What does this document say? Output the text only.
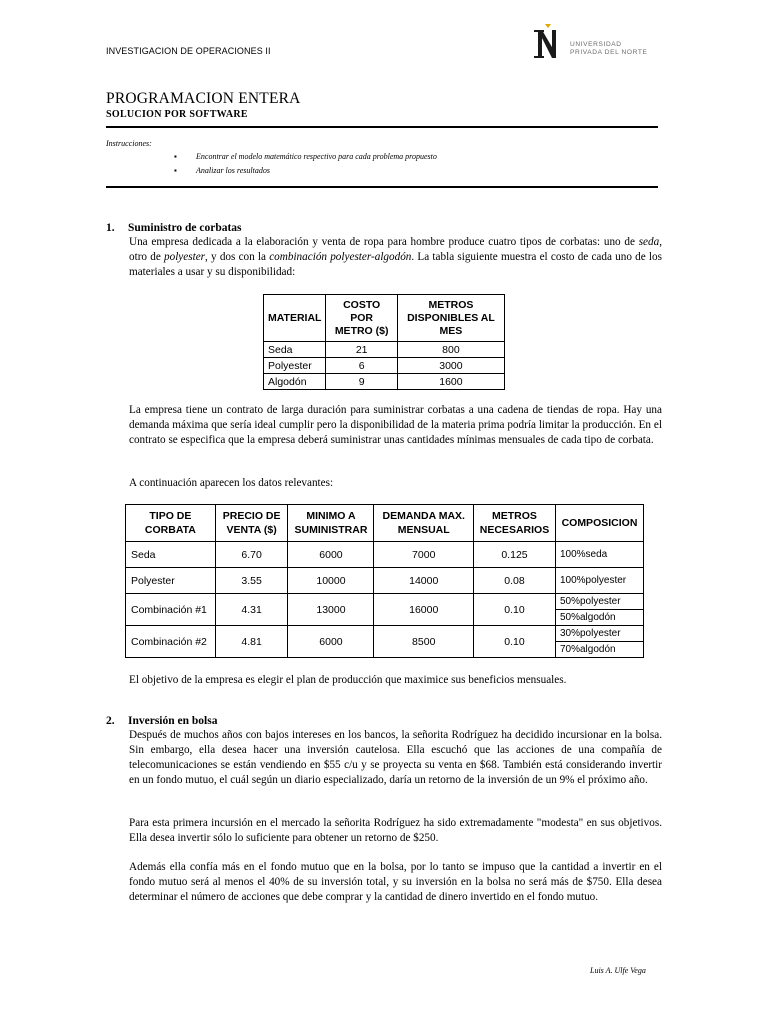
INVESTIGACION DE OPERACIONES II
UNIVERSIDAD
PRIVADA DEL NORTE
PROGRAMACION ENTERA
SOLUCION POR SOFTWARE
Instrucciones:
▪ Encontrar el modelo matemático respectivo para cada problema propuesto
▪ Analizar los resultados
1. Suministro de corbatas

Una empresa dedicada a la elaboración y venta de ropa para hombre produce cuatro tipos de corbatas: uno de seda, otro de polyester, y dos con la combinación polyester-algodón. La tabla siguiente muestra el costo de cada uno de los materiales a usar y su disponibilidad:

MATERIAL	COSTO POR METRO ($)	METROS DISPONIBLES AL MES
Seda	21	800
Polyester	6	3000
Algodón	9	1600

La empresa tiene un contrato de larga duración para suministrar corbatas a una cadena de tiendas de ropa. Hay una demanda máxima que sería ideal cumplir pero la disponibilidad de la materia prima podría limitar la producción. En el contrato se especifica que la empresa deberá suministrar unas cantidades mínimas mensuales de cada tipo de corbata.

A continuación aparecen los datos relevantes:

TIPO DE CORBATA	PRECIO DE VENTA ($)	MINIMO A SUMINISTRAR	DEMANDA MAX. MENSUAL	METROS NECESARIOS	COMPOSICION
Seda	6.70	6000	7000	0.125	100%seda
Polyester	3.55	10000	14000	0.08	100%polyester
Combinación #1	4.31	13000	16000	0.10	50%polyester
50%algodón

Combinación #2	4.81	6000	8500	0.10	30%polyester
70%algodón

El objetivo de la empresa es elegir el plan de producción que maximice sus beneficios mensuales.

2. Inversión en bolsa

Después de muchos años con bajos intereses en los bancos, la señorita Rodríguez ha decidido incursionar en la bolsa. Sin embargo, ella desea hacer una inversión cautelosa. Ella escuchó que las acciones de una compañía de telecomunicaciones se están vendiendo en $55 c/u y se proyecta su venta en $68. También está considerando invertir en un fondo mutuo, el cuál según un diario especializado, daría un retorno de la inversión de un 9% el próximo año.

Para esta primera incursión en el mercado la señorita Rodríguez ha sido extremadamente "modesta" en sus objetivos. Ella desea invertir sólo lo suficiente para obtener un retorno de $250.

Además ella confía más en el fondo mutuo que en la bolsa, por lo tanto se impuso que la cantidad a invertir en el fondo mutuo será al menos el 40% de su inversión total, y su inversión en la bolsa no será más de $750. Ella desea determinar el número de acciones que debe comprar y la cantidad de dinero invertido en el fondo mutuo.

Luis A. Ulfe Vega
